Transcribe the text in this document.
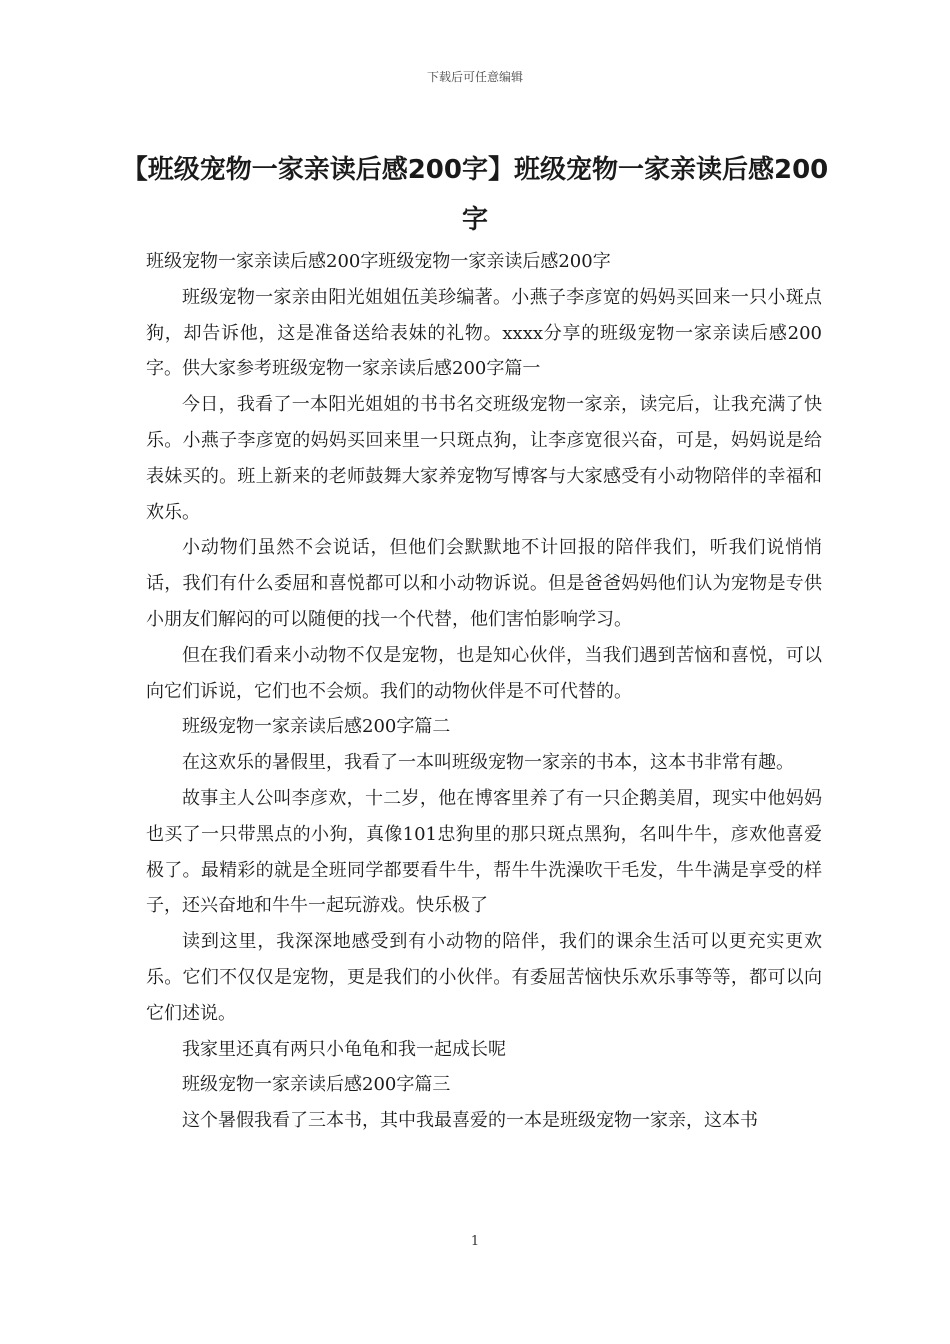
下载后可任意编辑
【班级宠物一家亲读后感200字】班级宠物一家亲读后感200字

班级宠物一家亲读后感200字班级宠物一家亲读后感200字

班级宠物一家亲由阳光姐姐伍美珍编著。小燕子李彦宽的妈妈买回来一只小斑点狗，却告诉他，这是准备送给表妹的礼物。xxxx分享的班级宠物一家亲读后感200字。供大家参考班级宠物一家亲读后感200字篇一

今日，我看了一本阳光姐姐的书书名交班级宠物一家亲，读完后，让我充满了快乐。小燕子李彦宽的妈妈买回来里一只斑点狗，让李彦宽很兴奋，可是，妈妈说是给表妹买的。班上新来的老师鼓舞大家养宠物写博客与大家感受有小动物陪伴的幸福和欢乐。

小动物们虽然不会说话，但他们会默默地不计回报的陪伴我们，听我们说悄悄话，我们有什么委屈和喜悦都可以和小动物诉说。但是爸爸妈妈他们认为宠物是专供小朋友们解闷的可以随便的找一个代替，他们害怕影响学习。

但在我们看来小动物不仅是宠物，也是知心伙伴，当我们遇到苦恼和喜悦，可以向它们诉说，它们也不会烦。我们的动物伙伴是不可代替的。

班级宠物一家亲读后感200字篇二

在这欢乐的暑假里，我看了一本叫班级宠物一家亲的书本，这本书非常有趣。

故事主人公叫李彦欢，十二岁，他在博客里养了有一只企鹅美眉，现实中他妈妈也买了一只带黑点的小狗，真像101忠狗里的那只斑点黑狗，名叫牛牛，彦欢他喜爱极了。最精彩的就是全班同学都要看牛牛，帮牛牛洗澡吹干毛发，牛牛满是享受的样子，还兴奋地和牛牛一起玩游戏。快乐极了

读到这里，我深深地感受到有小动物的陪伴，我们的课余生活可以更充实更欢乐。它们不仅仅是宠物，更是我们的小伙伴。有委屈苦恼快乐欢乐事等等，都可以向它们述说。

我家里还真有两只小龟龟和我一起成长呢

班级宠物一家亲读后感200字篇三

这个暑假我看了三本书，其中我最喜爱的一本是班级宠物一家亲，这本书

1
